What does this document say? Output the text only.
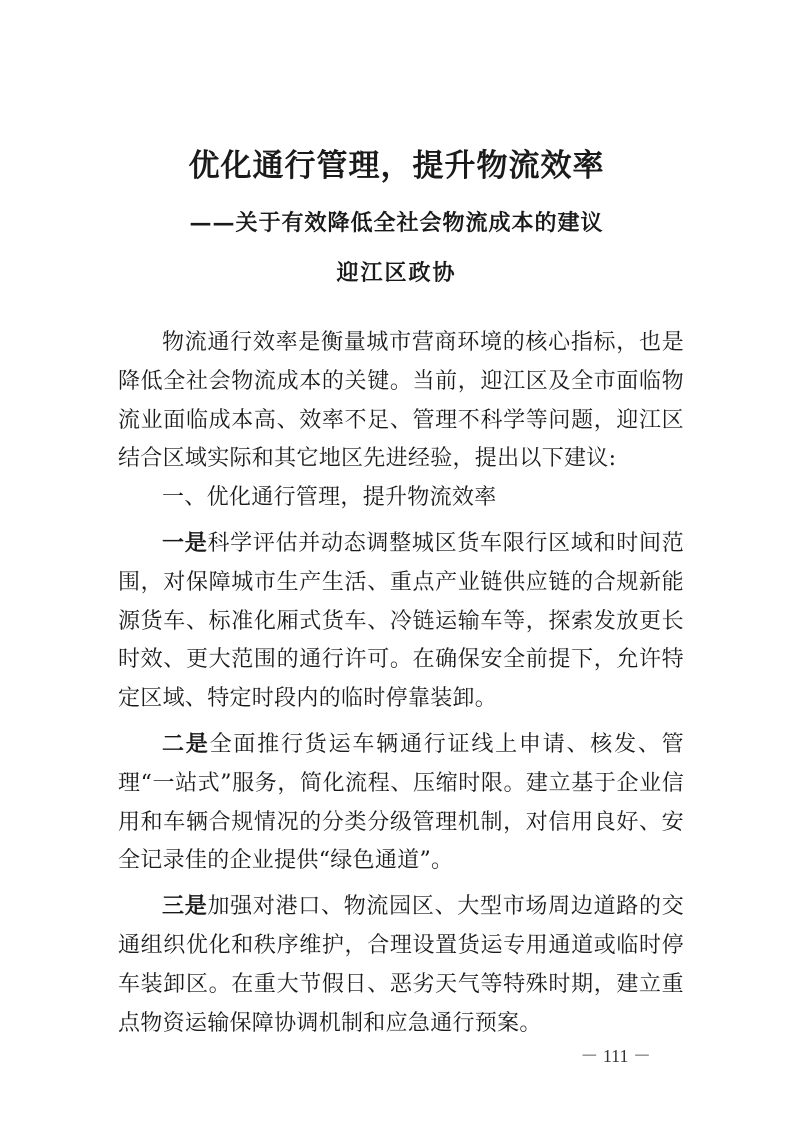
优化通行管理，提升物流效率
——关于有效降低全社会物流成本的建议
迎江区政协

物流通行效率是衡量城市营商环境的核心指标，也是降低全社会物流成本的关键。当前，迎江区及全市面临物流业面临成本高、效率不足、管理不科学等问题，迎江区结合区域实际和其它地区先进经验，提出以下建议:

一、优化通行管理，提升物流效率

一是科学评估并动态调整城区货车限行区域和时间范围，对保障城市生产生活、重点产业链供应链的合规新能源货车、标准化厢式货车、冷链运输车等，探索发放更长时效、更大范围的通行许可。在确保安全前提下，允许特定区域、特定时段内的临时停靠装卸。

二是全面推行货运车辆通行证线上申请、核发、管理“一站式”服务，简化流程、压缩时限。建立基于企业信用和车辆合规情况的分类分级管理机制，对信用良好、安全记录佳的企业提供“绿色通道”。

三是加强对港口、物流园区、大型市场周边道路的交通组织优化和秩序维护，合理设置货运专用通道或临时停车装卸区。在重大节假日、恶劣天气等特殊时期，建立重点物资运输保障协调机制和应急通行预案。

－ 111 －
